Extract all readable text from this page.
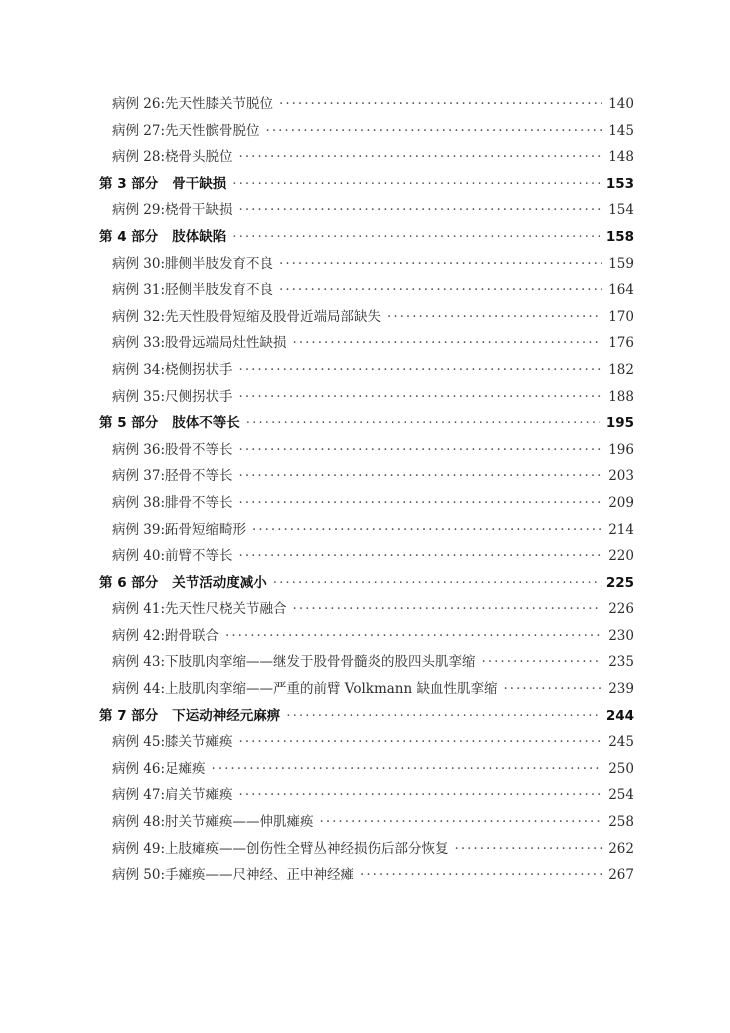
病例 26:先天性膝关节脱位 ·····	140
病例 27:先天性髌骨脱位 ·····	145
病例 28:桡骨头脱位 ·····	148
第 3 部分 骨干缺损 ·····	153
病例 29:桡骨干缺损 ·····	154
第 4 部分 肢体缺陷 ·····	158
病例 30:腓侧半肢发育不良 ·····	159
病例 31:胫侧半肢发育不良 ·····	164
病例 32:先天性股骨短缩及股骨近端局部缺失 ·····	170
病例 33:股骨远端局灶性缺损 ·····	176
病例 34:桡侧拐状手 ·····	182
病例 35:尺侧拐状手 ·····	188
第 5 部分 肢体不等长 ·····	195
病例 36:股骨不等长 ·····	196
病例 37:胫骨不等长 ·····	203
病例 38:腓骨不等长 ·····	209
病例 39:跖骨短缩畸形 ·····	214
病例 40:前臂不等长 ·····	220
第 6 部分 关节活动度减小 ·····	225
病例 41:先天性尺桡关节融合 ·····	226
病例 42:跗骨联合 ·····	230
病例 43:下肢肌肉挛缩——继发于股骨骨髓炎的股四头肌挛缩 ·····	235
病例 44:上肢肌肉挛缩——严重的前臂 Volkmann 缺血性肌挛缩 ·····	239
第 7 部分 下运动神经元麻痹 ·····	244
病例 45:膝关节瘫痪 ·····	245
病例 46:足瘫痪 ·····	250
病例 47:肩关节瘫痪 ·····	254
病例 48:肘关节瘫痪——伸肌瘫痪 ·····	258
病例 49:上肢瘫痪——创伤性全臂丛神经损伤后部分恢复 ·····	262
病例 50:手瘫痪——尺神经、正中神经瘫 ·····	267
